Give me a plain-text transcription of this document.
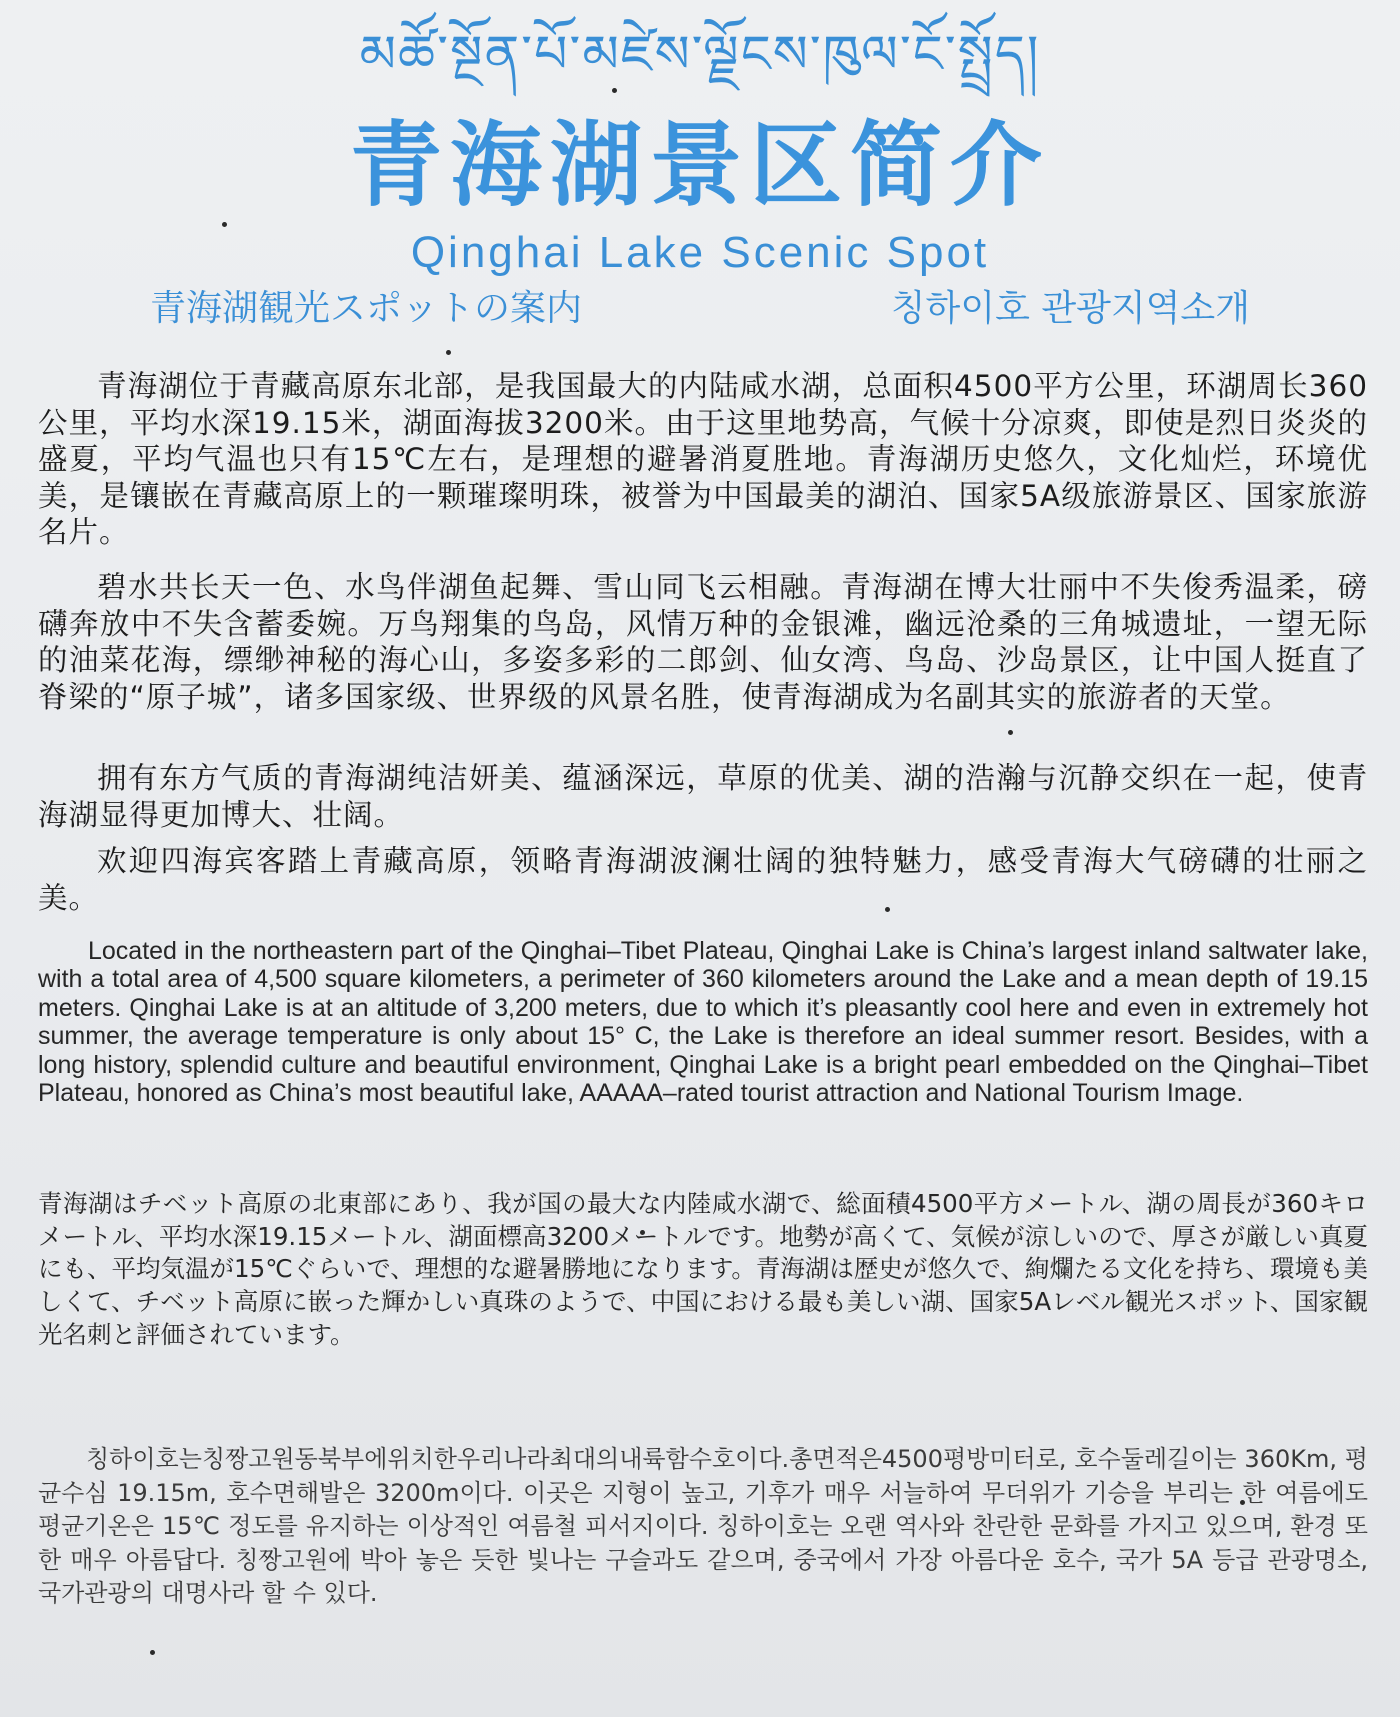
མཚོ་སྔོན་པོ་མཛེས་ལྗོངས་ཁུལ་ངོ་སྤྲོད།
青海湖景区简介
Qinghai Lake Scenic Spot
青海湖観光スポットの案内	칭하이호 관광지역소개

青海湖位于青藏高原东北部，是我国最大的内陆咸水湖，总面积4500平方公里，环湖周长360公里，平均水深19.15米，湖面海拔3200米。由于这里地势高，气候十分凉爽，即使是烈日炎炎的盛夏，平均气温也只有15℃左右，是理想的避暑消夏胜地。青海湖历史悠久，文化灿烂，环境优美，是镶嵌在青藏高原上的一颗璀璨明珠，被誉为中国最美的湖泊、国家5A级旅游景区、国家旅游名片。

碧水共长天一色、水鸟伴湖鱼起舞、雪山同飞云相融。青海湖在博大壮丽中不失俊秀温柔，磅礴奔放中不失含蓄委婉。万鸟翔集的鸟岛，风情万种的金银滩，幽远沧桑的三角城遗址，一望无际的油菜花海，缥缈神秘的海心山，多姿多彩的二郎剑、仙女湾、鸟岛、沙岛景区，让中国人挺直了脊梁的“原子城”，诸多国家级、世界级的风景名胜，使青海湖成为名副其实的旅游者的天堂。

拥有东方气质的青海湖纯洁妍美、蕴涵深远，草原的优美、湖的浩瀚与沉静交织在一起，使青海湖显得更加博大、壮阔。

欢迎四海宾客踏上青藏高原，领略青海湖波澜壮阔的独特魅力，感受青海大气磅礴的壮丽之美。

Located in the northeastern part of the Qinghai–Tibet Plateau, Qinghai Lake is China’s largest inland saltwater lake, with a total area of 4,500 square kilometers, a perimeter of 360 kilometers around the Lake and a mean depth of 19.15 meters. Qinghai Lake is at an altitude of 3,200 meters, due to which it’s pleasantly cool here and even in extremely hot summer, the average temperature is only about 15° C, the Lake is therefore an ideal summer resort. Besides, with a long history, splendid culture and beautiful environment, Qinghai Lake is a bright pearl embedded on the Qinghai–Tibet Plateau, honored as China’s most beautiful lake, AAAAA–rated tourist attraction and National Tourism Image.

青海湖はチベット高原の北東部にあり、我が国の最大な内陸咸水湖で、総面積4500平方メートル、湖の周長が360キロメートル、平均水深19.15メートル、湖面標高3200メートルです。地勢が高くて、気候が涼しいので、厚さが厳しい真夏にも、平均気温が15℃ぐらいで、理想的な避暑勝地になります。青海湖は歴史が悠久で、絢爛たる文化を持ち、環境も美しくて、チベット高原に嵌った輝かしい真珠のようで、中国における最も美しい湖、国家5Aレベル観光スポット、国家観光名刺と評価されています。

칭하이호는칭짱고원동북부에위치한우리나라최대의내륙함수호이다.총면적은4500평방미터로, 호수둘레길이는 360Km, 평균수심 19.15m, 호수면해발은 3200m이다. 이곳은 지형이 높고, 기후가 매우 서늘하여 무더위가 기승을 부리는 한 여름에도 평균기온은 15℃ 정도를 유지하는 이상적인 여름철 피서지이다. 칭하이호는 오랜 역사와 찬란한 문화를 가지고 있으며, 환경 또한 매우 아름답다. 칭짱고원에 박아 놓은 듯한 빛나는 구슬과도 같으며, 중국에서 가장 아름다운 호수, 국가 5A 등급 관광명소, 국가관광의 대명사라 할 수 있다.
